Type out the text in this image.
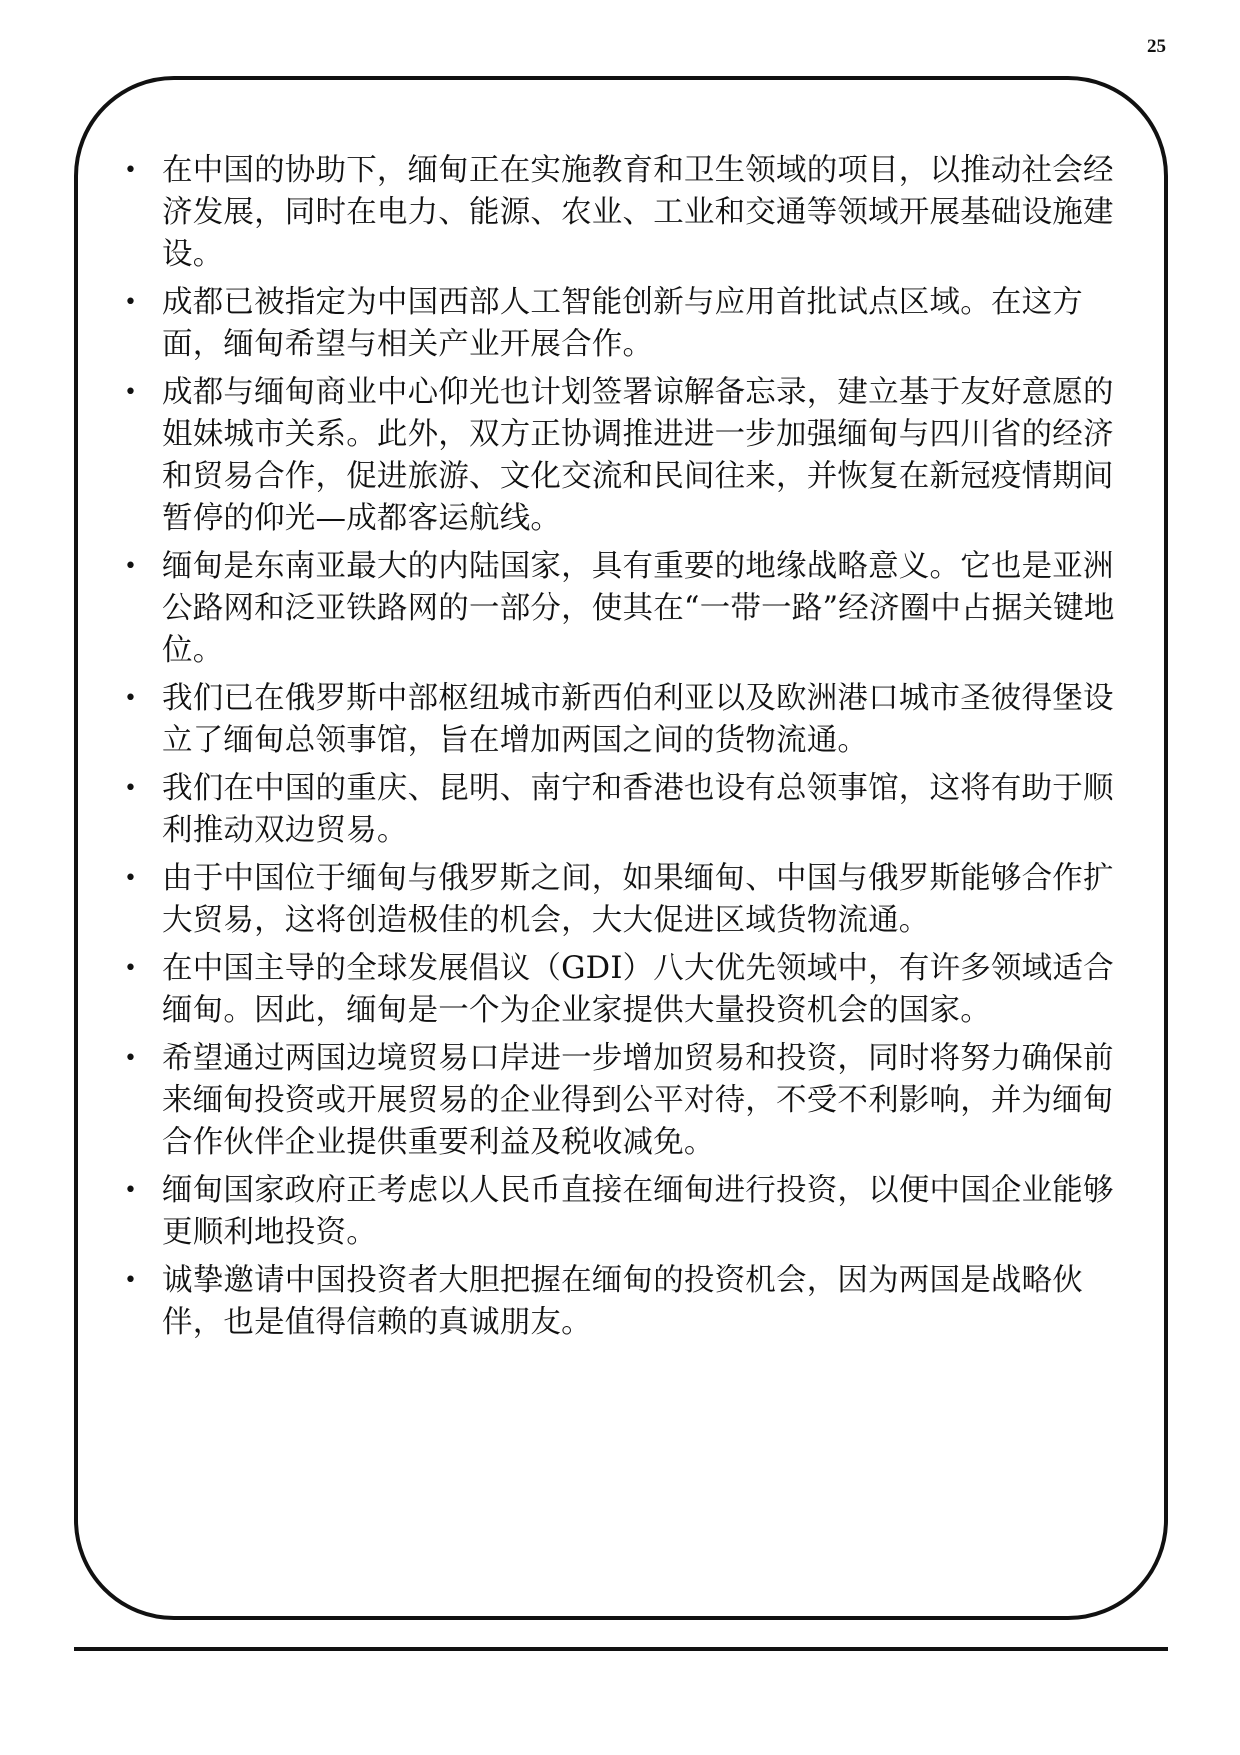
25
• 在中国的协助下，缅甸正在实施教育和卫生领域的项目，以推动社会经济发展，同时在电力、能源、农业、工业和交通等领域开展基础设施建设。
• 成都已被指定为中国西部人工智能创新与应用首批试点区域。在这方面，缅甸希望与相关产业开展合作。
• 成都与缅甸商业中心仰光也计划签署谅解备忘录，建立基于友好意愿的姐妹城市关系。此外，双方正协调推进进一步加强缅甸与四川省的经济和贸易合作，促进旅游、文化交流和民间往来，并恢复在新冠疫情期间暂停的仰光—成都客运航线。
• 缅甸是东南亚最大的内陆国家，具有重要的地缘战略意义。它也是亚洲公路网和泛亚铁路网的一部分，使其在“一带一路”经济圈中占据关键地位。
• 我们已在俄罗斯中部枢纽城市新西伯利亚以及欧洲港口城市圣彼得堡设立了缅甸总领事馆，旨在增加两国之间的货物流通。
• 我们在中国的重庆、昆明、南宁和香港也设有总领事馆，这将有助于顺利推动双边贸易。
• 由于中国位于缅甸与俄罗斯之间，如果缅甸、中国与俄罗斯能够合作扩大贸易，这将创造极佳的机会，大大促进区域货物流通。
• 在中国主导的全球发展倡议（GDI）八大优先领域中，有许多领域适合缅甸。因此，缅甸是一个为企业家提供大量投资机会的国家。
• 希望通过两国边境贸易口岸进一步增加贸易和投资，同时将努力确保前来缅甸投资或开展贸易的企业得到公平对待，不受不利影响，并为缅甸合作伙伴企业提供重要利益及税收减免。
• 缅甸国家政府正考虑以人民币直接在缅甸进行投资，以便中国企业能够更顺利地投资。
• 诚挚邀请中国投资者大胆把握在缅甸的投资机会，因为两国是战略伙伴，也是值得信赖的真诚朋友。
